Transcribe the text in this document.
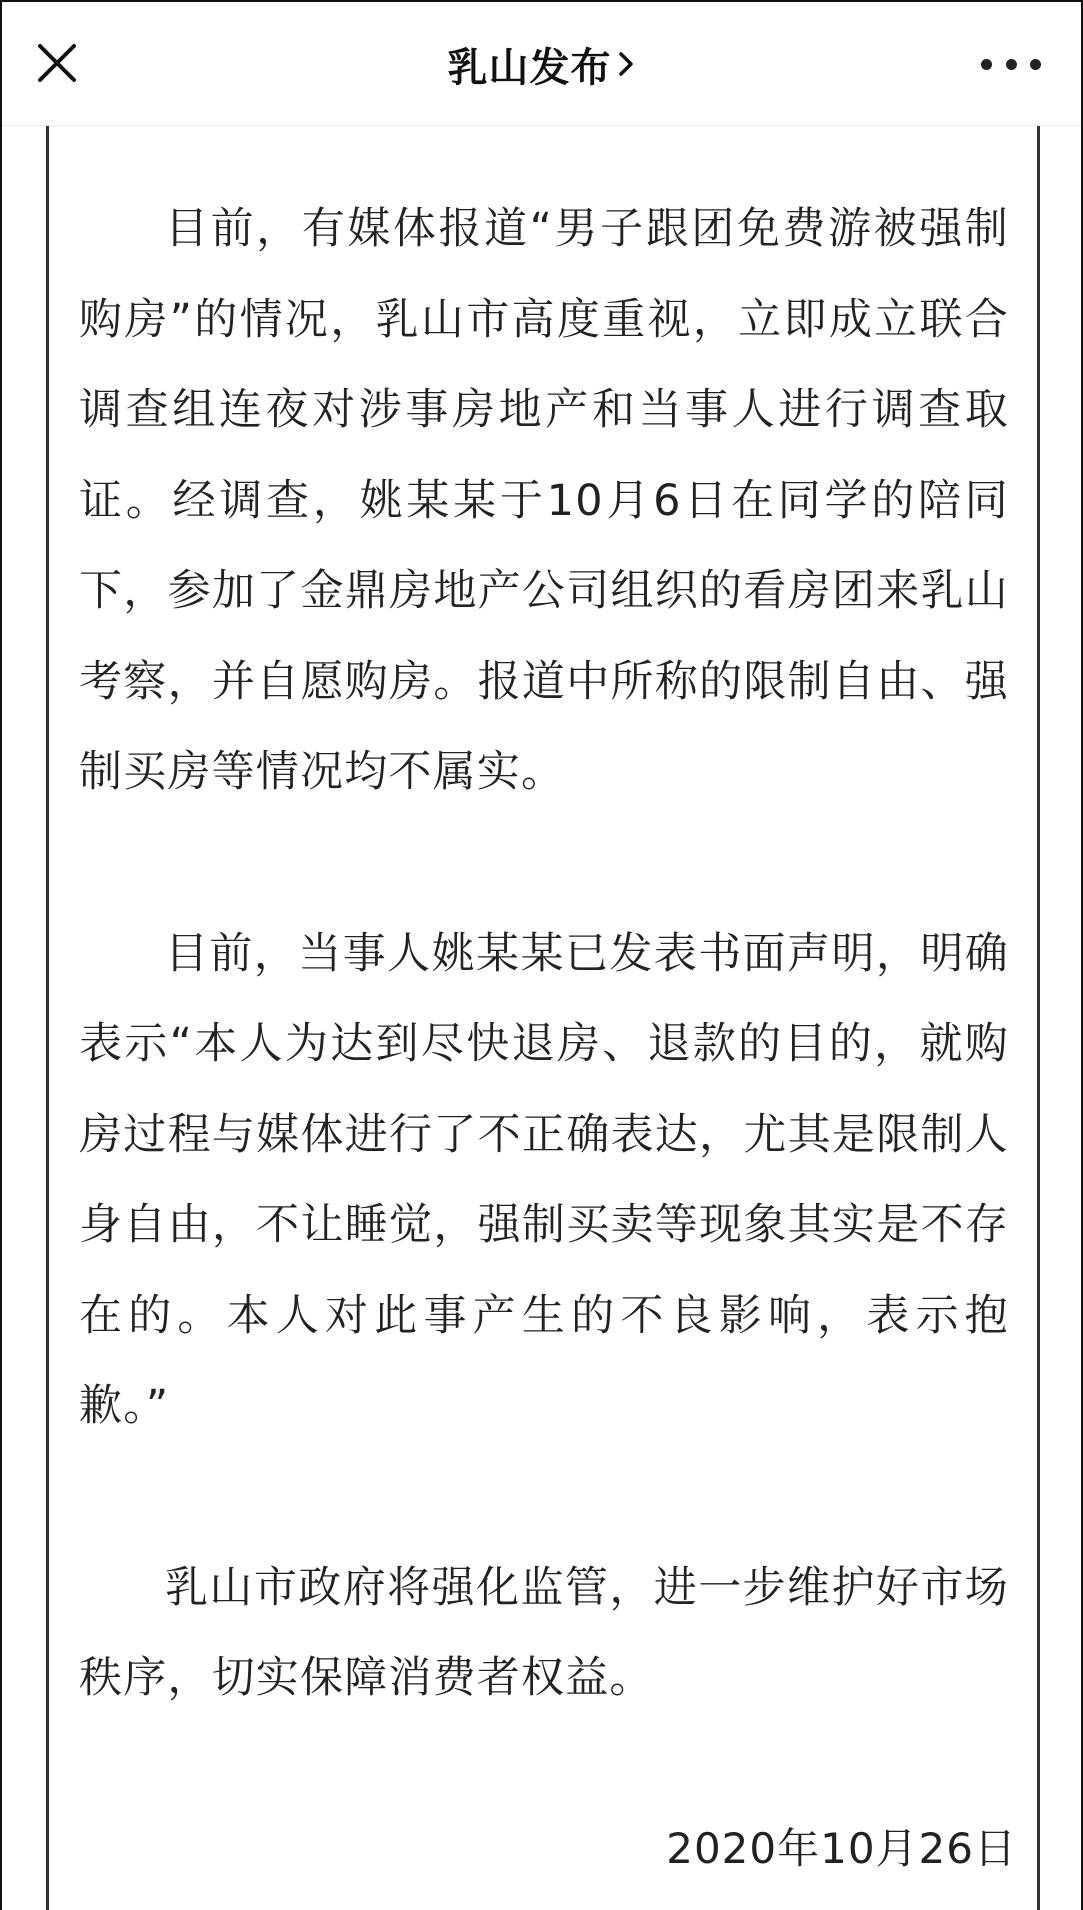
乳山发布

目前，有媒体报道“男子跟团免费游被强制购房”的情况，乳山市高度重视，立即成立联合调查组连夜对涉事房地产和当事人进行调查取证。经调查，姚某某于10月6日在同学的陪同下，参加了金鼎房地产公司组织的看房团来乳山考察，并自愿购房。报道中所称的限制自由、强制买房等情况均不属实。

目前，当事人姚某某已发表书面声明，明确表示“本人为达到尽快退房、退款的目的，就购房过程与媒体进行了不正确表达，尤其是限制人身自由，不让睡觉，强制买卖等现象其实是不存在的。本人对此事产生的不良影响，表示抱歉。”

乳山市政府将强化监管，进一步维护好市场秩序，切实保障消费者权益。

2020年10月26日
